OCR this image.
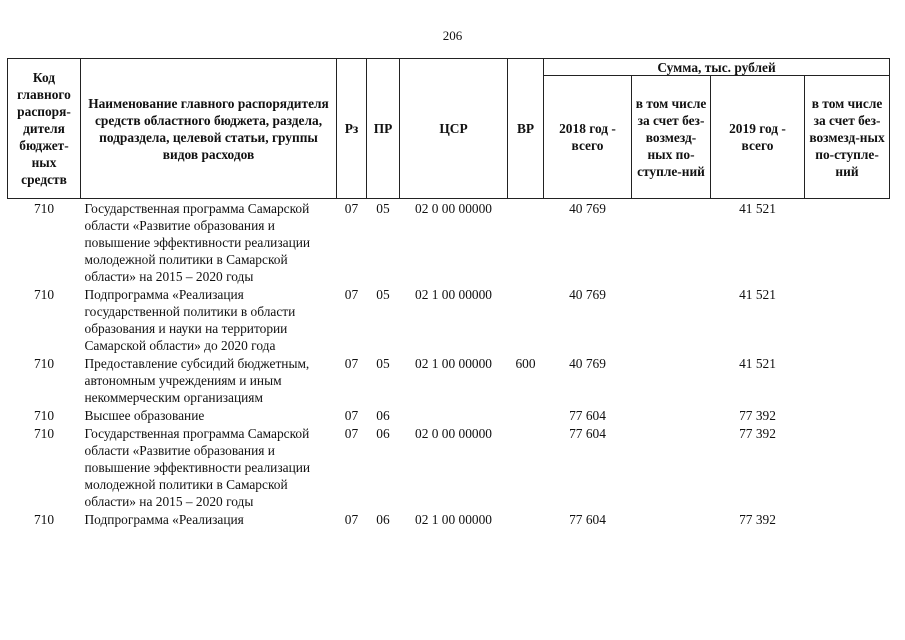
206
Код главного распоря-дителя бюджет-ных средств	Наименование главного распорядителя средств областного бюджета, раздела, подраздела, целевой статьи, группы видов расходов	Рз	ПР	ЦСР	ВР	Сумма, тыс. рублей			
						2018 год - всего	в том числе за счет без-возмезд-ных по-ступле-ний	2019 год - всего	в том числе за счет без-возмезд-ных по-ступле-ний
710	Государственная программа Самарской области «Развитие образования и повышение эффективности реализации молодежной политики в Самарской области» на 2015 – 2020 годы	07	05	02 0 00 00000		40 769		41 521	
710	Подпрограмма «Реализация государственной политики в области образования и науки на территории Самарской области» до 2020 года	07	05	02 1 00 00000		40 769		41 521	
710	Предоставление субсидий бюджетным, автономным учреждениям и иным некоммерческим организациям	07	05	02 1 00 00000	600	40 769		41 521	
710	Высшее образование	07	06			77 604		77 392	
710	Государственная программа Самарской области «Развитие образования и повышение эффективности реализации молодежной политики в Самарской области» на 2015 – 2020 годы	07	06	02 0 00 00000		77 604		77 392	
710	Подпрограмма «Реализация	07	06	02 1 00 00000		77 604		77 392	
